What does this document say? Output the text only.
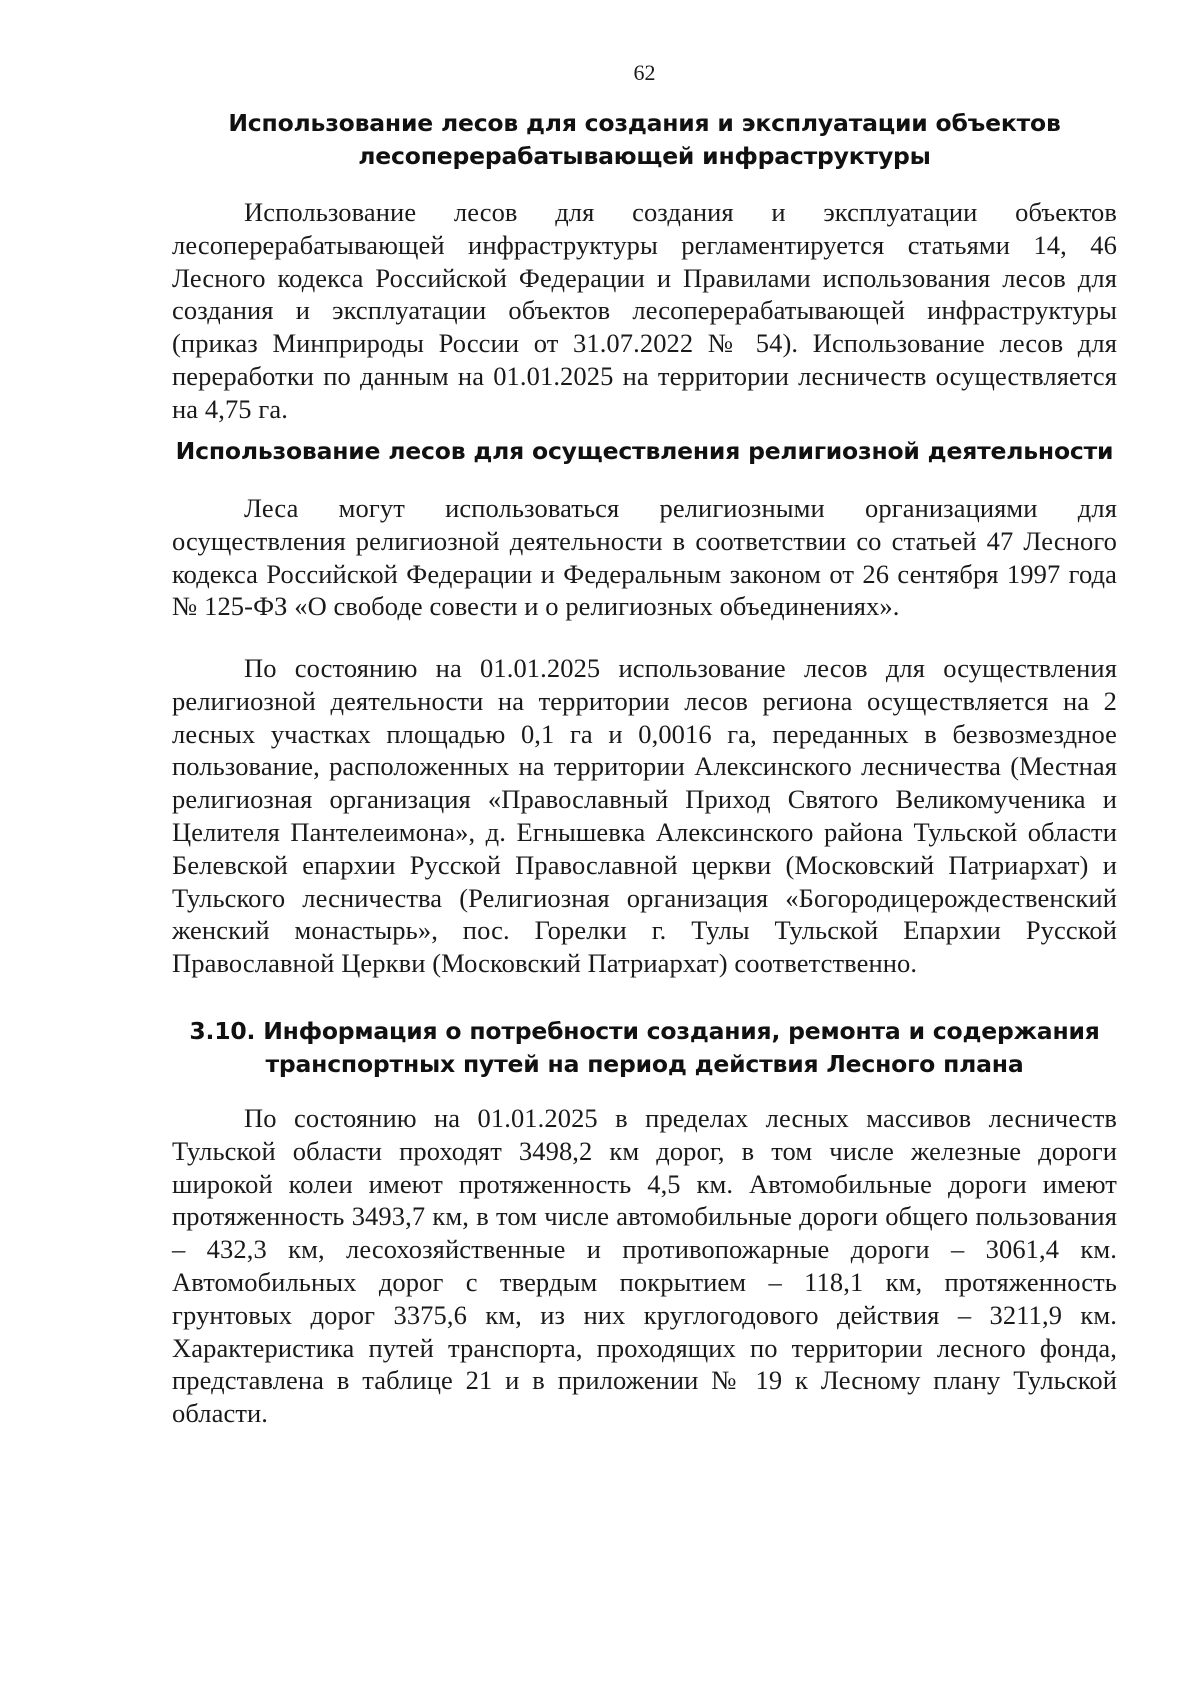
62
Использование лесов для создания и эксплуатации объектов лесоперерабатывающей инфраструктуры
Использование лесов для создания и эксплуатации объектов лесоперерабатывающей инфраструктуры регламентируется статьями 14, 46 Лесного кодекса Российской Федерации и Правилами использования лесов для создания и эксплуатации объектов лесоперерабатывающей инфраструктуры (приказ Минприроды России от 31.07.2022 № 54). Использование лесов для переработки по данным на 01.01.2025 на территории лесничеств осуществляется на 4,75 га.
Использование лесов для осуществления религиозной деятельности
Леса могут использоваться религиозными организациями для осуществления религиозной деятельности в соответствии со статьей 47 Лесного кодекса Российской Федерации и Федеральным законом от 26 сентября 1997 года № 125-ФЗ «О свободе совести и о религиозных объединениях».
По состоянию на 01.01.2025 использование лесов для осуществления религиозной деятельности на территории лесов региона осуществляется на 2 лесных участках площадью 0,1 га и 0,0016 га, переданных в безвозмездное пользование, расположенных на территории Алексинского лесничества (Местная религиозная организация «Православный Приход Святого Великомученика и Целителя Пантелеимона», д. Егнышевка Алексинского района Тульской области Белевской епархии Русской Православной церкви (Московский Патриархат) и Тульского лесничества (Религиозная организация «Богородицерождественский женский монастырь», пос. Горелки г. Тулы Тульской Епархии Русской Православной Церкви (Московский Патриархат) соответственно.
3.10. Информация о потребности создания, ремонта и содержания транспортных путей на период действия Лесного плана
По состоянию на 01.01.2025 в пределах лесных массивов лесничеств Тульской области проходят 3498,2 км дорог, в том числе железные дороги широкой колеи имеют протяженность 4,5 км. Автомобильные дороги имеют протяженность 3493,7 км, в том числе автомобильные дороги общего пользования – 432,3 км, лесохозяйственные и противопожарные дороги – 3061,4 км. Автомобильных дорог с твердым покрытием – 118,1 км, протяженность грунтовых дорог 3375,6 км, из них круглогодового действия – 3211,9 км. Характеристика путей транспорта, проходящих по территории лесного фонда, представлена в таблице 21 и в приложении № 19 к Лесному плану Тульской области.
